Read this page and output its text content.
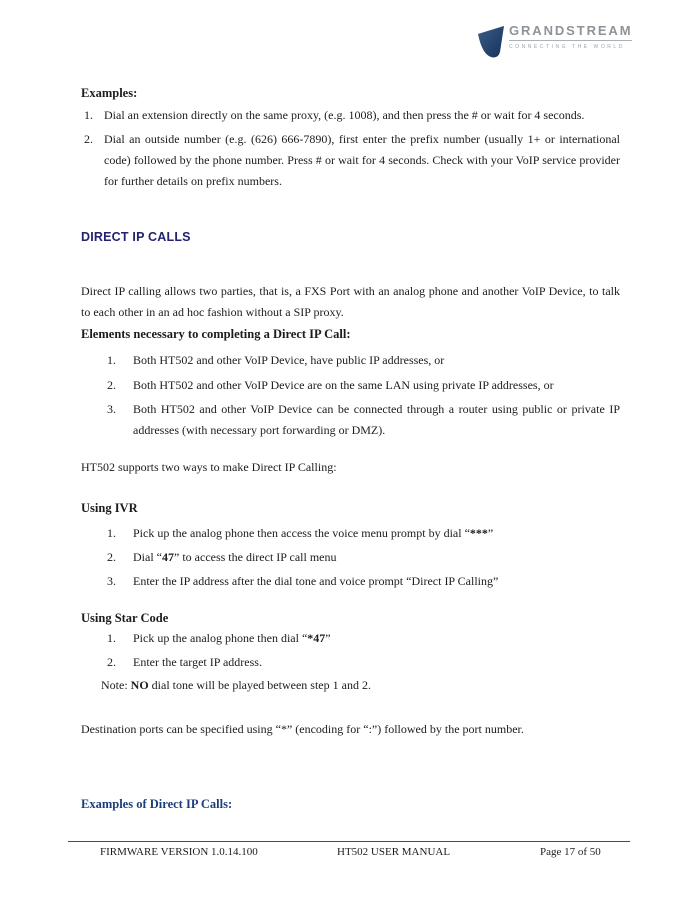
GRANDSTREAM
CONNECTING THE WORLD
Examples:
1. Dial an extension directly on the same proxy, (e.g. 1008), and then press the # or wait for 4 seconds.
2. Dial an outside number (e.g. (626) 666-7890), first enter the prefix number (usually 1+ or international code) followed by the phone number. Press # or wait for 4 seconds. Check with your VoIP service provider for further details on prefix numbers.
DIRECT IP CALLS
Direct IP calling allows two parties, that is, a FXS Port with an analog phone and another VoIP Device, to talk to each other in an ad hoc fashion without a SIP proxy.
Elements necessary to completing a Direct IP Call:
1.	Both HT502 and other VoIP Device, have public IP addresses, or
2.	Both HT502 and other VoIP Device are on the same LAN using private IP addresses, or
3.	Both HT502 and other VoIP Device can be connected through a router using public or private IP addresses (with necessary port forwarding or DMZ).
HT502 supports two ways to make Direct IP Calling:
Using IVR
1.	Pick up the analog phone then access the voice menu prompt by dial “***”
2.	Dial “47” to access the direct IP call menu
3.	Enter the IP address after the dial tone and voice prompt “Direct IP Calling”
Using Star Code
1.	Pick up the analog phone then dial “*47”
2.	Enter the target IP address.
Note: NO dial tone will be played between step 1 and 2.
Destination ports can be specified using “*” (encoding for “:”) followed by the port number.
Examples of Direct IP Calls:
FIRMWARE VERSION 1.0.14.100	HT502 USER MANUAL	Page 17 of 50
